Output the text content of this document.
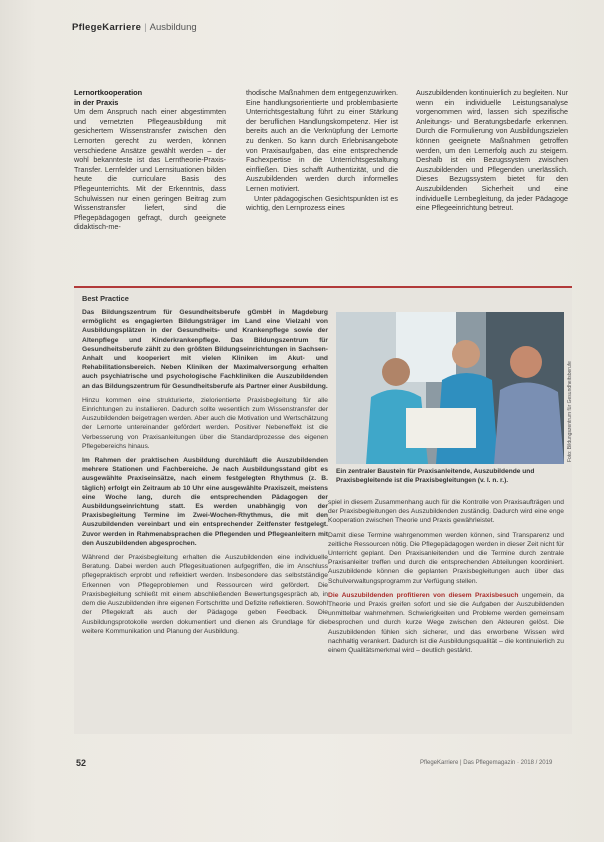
PflegeKarriere | Ausbildung
Lernortkooperation
in der Praxis

Um dem Anspruch nach einer abgestimmten und vernetzten Pflegeausbildung mit gesichertem Wissenstransfer zwischen den Lernorten gerecht zu werden, können verschiedene Ansätze gewählt werden – der wohl bekannteste ist das Lerntheorie-Praxis-Transfer. Lernfelder und Lernsituationen bilden heute die curriculare Basis des Pflegeunterrichts. Mit der Erkenntnis, dass Schulwissen nur einen geringen Beitrag zum Wissenstransfer liefert, sind die Pflegepädagogen gefragt, durch geeignete didaktisch-me-

thodische Maßnahmen dem entgegenzuwirken. Eine handlungsorientierte und problembasierte Unterrichtsgestaltung führt zu einer Stärkung der beruflichen Handlungskompetenz. Hier ist bereits auch an die Verknüpfung der Lernorte zu denken. So kann durch Erlebnisangebote von Praxisaufgaben, das eine entsprechende Fachexpertise in die Unterrichtsgestaltung einfließen. Dies schafft Authentizität, und die Auszubildenden werden durch informelles Lernen motiviert.

Unter pädagogischen Gesichtspunkten ist es wichtig, den Lernprozess eines

Auszubildenden kontinuierlich zu begleiten. Nur wenn ein individuelle Leistungsanalyse vorgenommen wird, lassen sich spezifische Anleitungs- und Beratungsbedarfe erkennen. Durch die Formulierung von Ausbildungszielen können geeignete Maßnahmen getroffen werden, um den Lernerfolg auch zu steigern. Deshalb ist ein Bezugssystem zwischen Auszubildenden und Pflegenden unerlässlich. Dieses Bezugssystem bietet für den Auszubildenden Sicherheit und eine individuelle Lernbegleitung, da jeder Pädagoge eine Pflegeeinrichtung betreut.

Best Practice

Das Bildungszentrum für Gesundheitsberufe gGmbH in Magdeburg ermöglicht es engagierten Bildungsträger im Land eine Vielzahl von Ausbildungsplätzen in der Gesundheits- und Krankenpflege sowie der Altenpflege und Kinderkrankenpflege. Das Bildungszentrum für Gesundheitsberufe zählt zu den größten Bildungseinrichtungen in Sachsen-Anhalt und kooperiert mit vielen Kliniken im Akut- und Rehabilitationsbereich. Neben Kliniken der Maximalversorgung erhalten auch psychiatrische und psychologische Fachkliniken die Auszubildenden an das Bildungszentrum für Gesundheitsberufe als Partner einer Ausbildung.

Hinzu kommen eine strukturierte, zielorientierte Praxisbegleitung für alle Einrichtungen zu installieren. Dadurch sollte wesentlich zum Wissenstransfer der Auszubildenden beigetragen werden. Aber auch die Motivation und Wertschätzung der Lernorte untereinander gefördert werden. Positiver Nebeneffekt ist die Verbesserung von Praxisanleitungen über die Standardprozesse des eigenen Pflegebereichs hinaus.

Im Rahmen der praktischen Ausbildung durchläuft die Auszubildenden mehrere Stationen und Fachbereiche. Je nach Ausbildungsstand gibt es ausgewählte Praxiseinsätze, nach einem festgelegten Rhythmus (z. B. täglich) erfolgt ein Zeitraum ab 10 Uhr eine ausgewählte Praxiszeit, meistens eine Woche lang, durch die entsprechenden Pädagogen der Ausbildungseinrichtung statt. Es werden unabhängig von der Praxisbegleitung Termine im Zwei-Wochen-Rhythmus, die mit den Auszubildenden vereinbart und ein entsprechender Zeitfenster festgelegt. Zuvor werden in Rahmenabsprachen die Pflegenden und Pflegeanleitern mit den Auszubildenden abgesprochen.

Während der Praxisbegleitung erhalten die Auszubildenden eine individuelle Beratung. Dabei werden auch Pflegesituationen aufgegriffen, die im Anschluss pflegepraktisch erprobt und reflektiert werden. Insbesondere das selbstständige Erkennen von Pflegeproblemen und Ressourcen wird gefördert. Die Praxisbegleitung schließt mit einem abschließenden Bewertungsgespräch ab, in dem die Auszubildenden ihre eigenen Fortschritte und Defizite reflektieren. Sowohl der Pflegekraft als auch der Pädagoge geben Feedback. Die Ausbildungsprotokolle werden dokumentiert und dienen als Grundlage für die weitere Kommunikation und Planung der Ausbildung.

Foto: Bildungszentrum für Gesundheitsberufe
Ein zentraler Baustein für Praxisanleitende, Auszubildende und Praxisbegleitende ist die Praxisbegleitungen (v. l. n. r.).

spiel in diesem Zusammenhang auch für die Kontrolle von Praxisaufträgen und der Praxisbegleitungen des Auszubildenden zuständig. Dadurch wird eine enge Kooperation zwischen Theorie und Praxis gewährleistet.

Damit diese Termine wahrgenommen werden können, sind Transparenz und zeitliche Ressourcen nötig. Die Pflegepädagogen werden in dieser Zeit nicht für Unterricht geplant. Den Praxisanleitenden und die Termine durch zentrale Praxisanleiter treffen und durch die entsprechenden Abteilungen koordiniert. Auszubildende können die geplanten Praxisbegleitungen auch über das Schulverwaltungsprogramm zur Verfügung stellen.

Die Auszubildenden profitieren von diesem Praxisbesuch ungemein, da Theorie und Praxis greifen sofort und sie die Aufgaben der Auszubildenden unmittelbar wahrnehmen. Schwierigkeiten und Probleme werden gemeinsam besprochen und durch kurze Wege zwischen den Akteuren gelöst. Die Auszubildenden fühlen sich sicherer, und das erworbene Wissen wird nachhaltig verankert. Dadurch ist die Ausbildungsqualität – die kontinuierlich zu einem Qualitätsmerkmal wird – deutlich gestärkt.

52	PflegeKarriere | Das Pflegemagazin · 2018 / 2019
